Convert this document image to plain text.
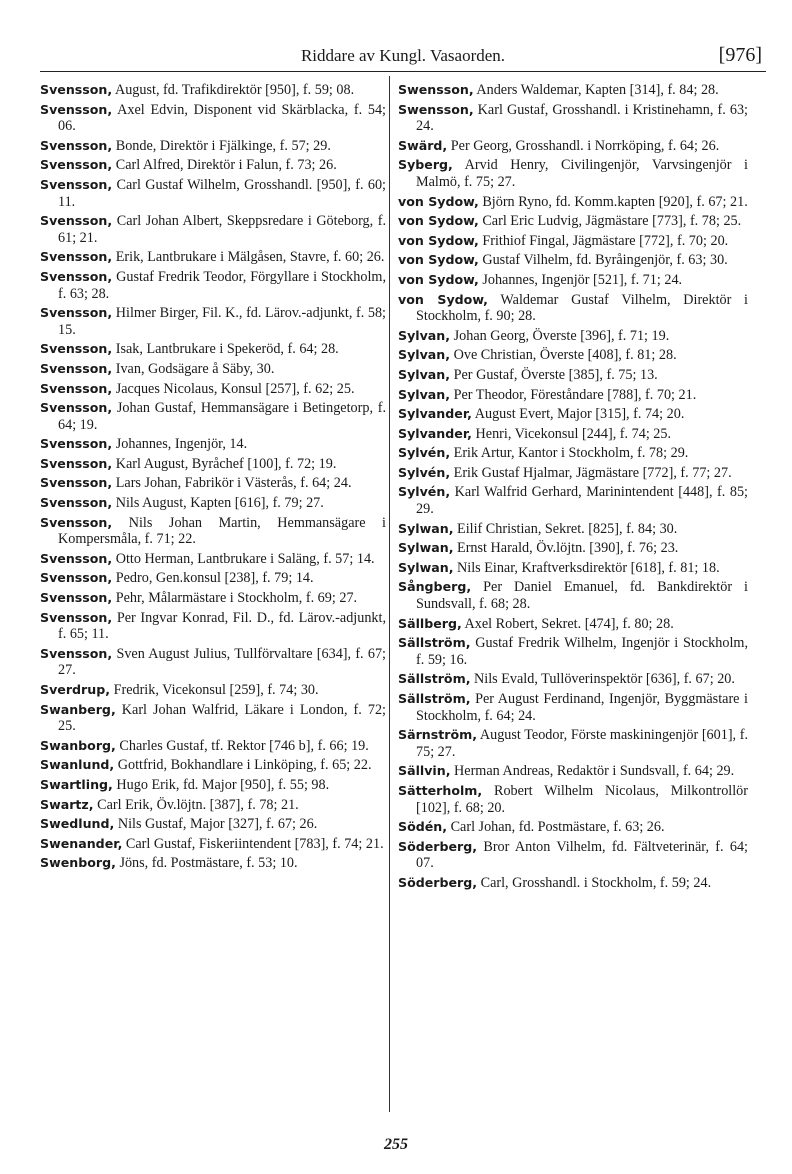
Riddare av Kungl. Vasaorden.	[976]

Svensson, August, fd. Trafikdirektör [950], f. 59; 08.

Svensson, Axel Edvin, Disponent vid Skärblacka, f. 54; 06.

Svensson, Bonde, Direktör i Fjälkinge, f. 57; 29.

Svensson, Carl Alfred, Direktör i Falun, f. 73; 26.

Svensson, Carl Gustaf Wilhelm, Grosshandl. [950], f. 60; 11.

Svensson, Carl Johan Albert, Skeppsredare i Göteborg, f. 61; 21.

Svensson, Erik, Lantbrukare i Mälgåsen, Stavre, f. 60; 26.

Svensson, Gustaf Fredrik Teodor, Förgyllare i Stockholm, f. 63; 28.

Svensson, Hilmer Birger, Fil. K., fd. Lärov.-adjunkt, f. 58; 15.

Svensson, Isak, Lantbrukare i Spekeröd, f. 64; 28.

Svensson, Ivan, Godsägare å Säby, 30.

Svensson, Jacques Nicolaus, Konsul [257], f. 62; 25.

Svensson, Johan Gustaf, Hemmansägare i Betingetorp, f. 64; 19.

Svensson, Johannes, Ingenjör, 14.

Svensson, Karl August, Byråchef [100], f. 72; 19.

Svensson, Lars Johan, Fabrikör i Västerås, f. 64; 24.

Svensson, Nils August, Kapten [616], f. 79; 27.

Svensson, Nils Johan Martin, Hemmansägare i Kompersmåla, f. 71; 22.

Svensson, Otto Herman, Lantbrukare i Saläng, f. 57; 14.

Svensson, Pedro, Gen.konsul [238], f. 79; 14.

Svensson, Pehr, Målarmästare i Stockholm, f. 69; 27.

Svensson, Per Ingvar Konrad, Fil. D., fd. Lärov.-adjunkt, f. 65; 11.

Svensson, Sven August Julius, Tullförvaltare [634], f. 67; 27.

Sverdrup, Fredrik, Vicekonsul [259], f. 74; 30.

Swanberg, Karl Johan Walfrid, Läkare i London, f. 72; 25.

Swanborg, Charles Gustaf, tf. Rektor [746 b], f. 66; 19.

Swanlund, Gottfrid, Bokhandlare i Linköping, f. 65; 22.

Swartling, Hugo Erik, fd. Major [950], f. 55; 98.

Swartz, Carl Erik, Öv.löjtn. [387], f. 78; 21.

Swedlund, Nils Gustaf, Major [327], f. 67; 26.

Swenander, Carl Gustaf, Fiskeriintendent [783], f. 74; 21.

Swenborg, Jöns, fd. Postmästare, f. 53; 10.

Swensson, Anders Waldemar, Kapten [314], f. 84; 28.

Swensson, Karl Gustaf, Grosshandl. i Kristinehamn, f. 63; 24.

Swärd, Per Georg, Grosshandl. i Norrköping, f. 64; 26.

Syberg, Arvid Henry, Civilingenjör, Varvsingenjör i Malmö, f. 75; 27.

von Sydow, Björn Ryno, fd. Komm.kapten [920], f. 67; 21.

von Sydow, Carl Eric Ludvig, Jägmästare [773], f. 78; 25.

von Sydow, Frithiof Fingal, Jägmästare [772], f. 70; 20.

von Sydow, Gustaf Vilhelm, fd. Byråingenjör, f. 63; 30.

von Sydow, Johannes, Ingenjör [521], f. 71; 24.

von Sydow, Waldemar Gustaf Vilhelm, Direktör i Stockholm, f. 90; 28.

Sylvan, Johan Georg, Överste [396], f. 71; 19.

Sylvan, Ove Christian, Överste [408], f. 81; 28.

Sylvan, Per Gustaf, Överste [385], f. 75; 13.

Sylvan, Per Theodor, Föreståndare [788], f. 70; 21.

Sylvander, August Evert, Major [315], f. 74; 20.

Sylvander, Henri, Vicekonsul [244], f. 74; 25.

Sylvén, Erik Artur, Kantor i Stockholm, f. 78; 29.

Sylvén, Erik Gustaf Hjalmar, Jägmästare [772], f. 77; 27.

Sylvén, Karl Walfrid Gerhard, Marinintendent [448], f. 85; 29.

Sylwan, Eilif Christian, Sekret. [825], f. 84; 30.

Sylwan, Ernst Harald, Öv.löjtn. [390], f. 76; 23.

Sylwan, Nils Einar, Kraftverksdirektör [618], f. 81; 18.

Sångberg, Per Daniel Emanuel, fd. Bankdirektör i Sundsvall, f. 68; 28.

Sällberg, Axel Robert, Sekret. [474], f. 80; 28.

Sällström, Gustaf Fredrik Wilhelm, Ingenjör i Stockholm, f. 59; 16.

Sällström, Nils Evald, Tullöverinspektör [636], f. 67; 20.

Sällström, Per August Ferdinand, Ingenjör, Byggmästare i Stockholm, f. 64; 24.

Särnström, August Teodor, Förste maskiningenjör [601], f. 75; 27.

Sällvin, Herman Andreas, Redaktör i Sundsvall, f. 64; 29.

Sätterholm, Robert Wilhelm Nicolaus, Milkontrollör [102], f. 68; 20.

Södén, Carl Johan, fd. Postmästare, f. 63; 26.

Söderberg, Bror Anton Vilhelm, fd. Fältveterinär, f. 64; 07.

Söderberg, Carl, Grosshandl. i Stockholm, f. 59; 24.

255
